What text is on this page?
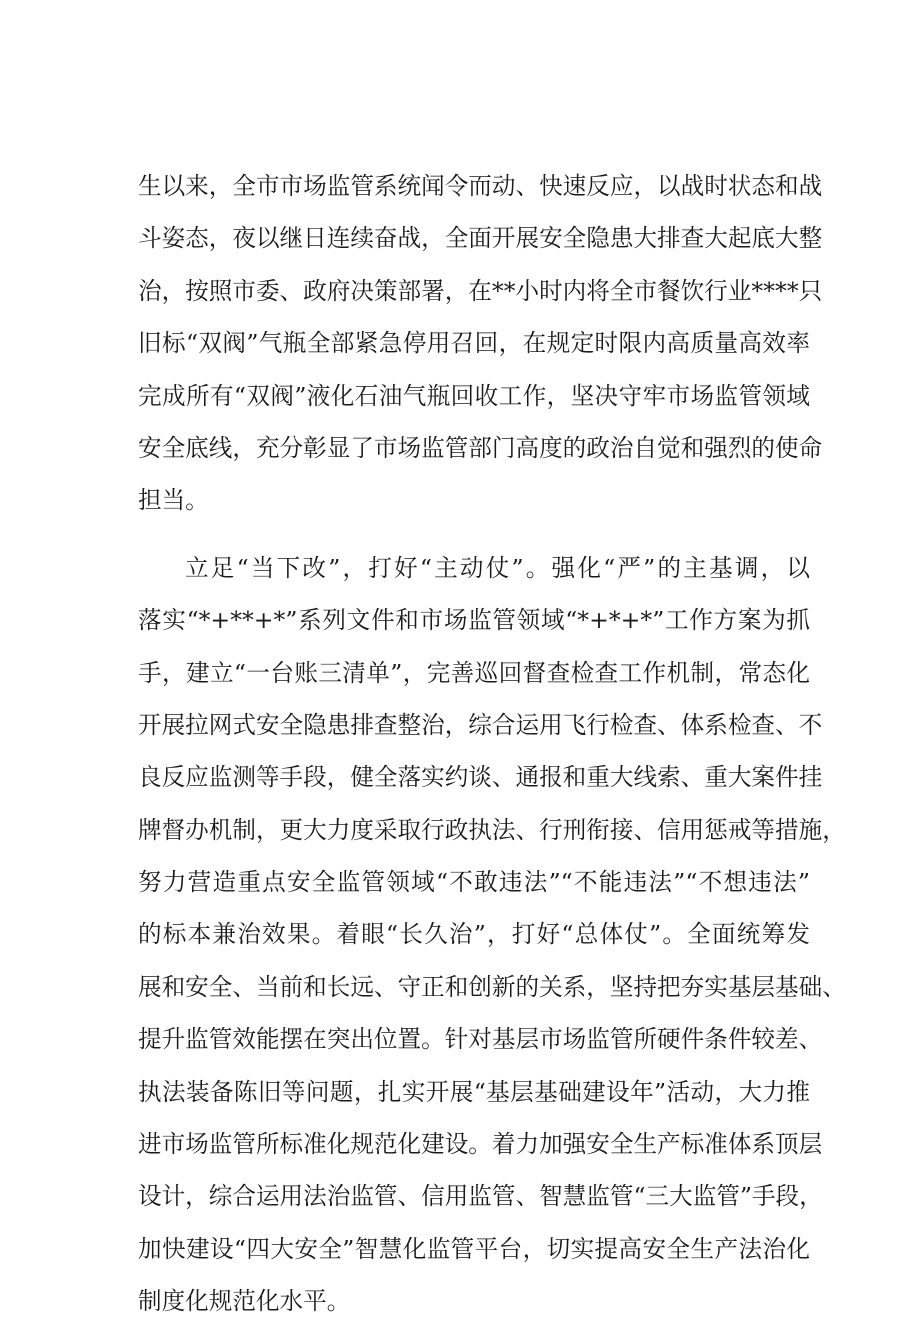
生以来，全市市场监管系统闻令而动、快速反应，以战时状态和战
斗姿态，夜以继日连续奋战，全面开展安全隐患大排查大起底大整
治，按照市委、政府决策部署，在**小时内将全市餐饮行业****只
旧标“双阀”气瓶全部紧急停用召回，在规定时限内高质量高效率
完成所有“双阀”液化石油气瓶回收工作，坚决守牢市场监管领域
安全底线，充分彰显了市场监管部门高度的政治自觉和强烈的使命
担当。
立足“当下改”，打好“主动仗”。强化“严”的主基调，以
落实“*+**+*”系列文件和市场监管领域“*+*+*”工作方案为抓
手，建立“一台账三清单”，完善巡回督查检查工作机制，常态化
开展拉网式安全隐患排查整治，综合运用飞行检查、体系检查、不
良反应监测等手段，健全落实约谈、通报和重大线索、重大案件挂
牌督办机制，更大力度采取行政执法、行刑衔接、信用惩戒等措施，
努力营造重点安全监管领域“不敢违法”“不能违法”“不想违法”
的标本兼治效果。着眼“长久治”，打好“总体仗”。全面统筹发
展和安全、当前和长远、守正和创新的关系，坚持把夯实基层基础、
提升监管效能摆在突出位置。针对基层市场监管所硬件条件较差、
执法装备陈旧等问题，扎实开展“基层基础建设年”活动，大力推
进市场监管所标准化规范化建设。着力加强安全生产标准体系顶层
设计，综合运用法治监管、信用监管、智慧监管“三大监管”手段，
加快建设“四大安全”智慧化监管平台，切实提高安全生产法治化
制度化规范化水平。
